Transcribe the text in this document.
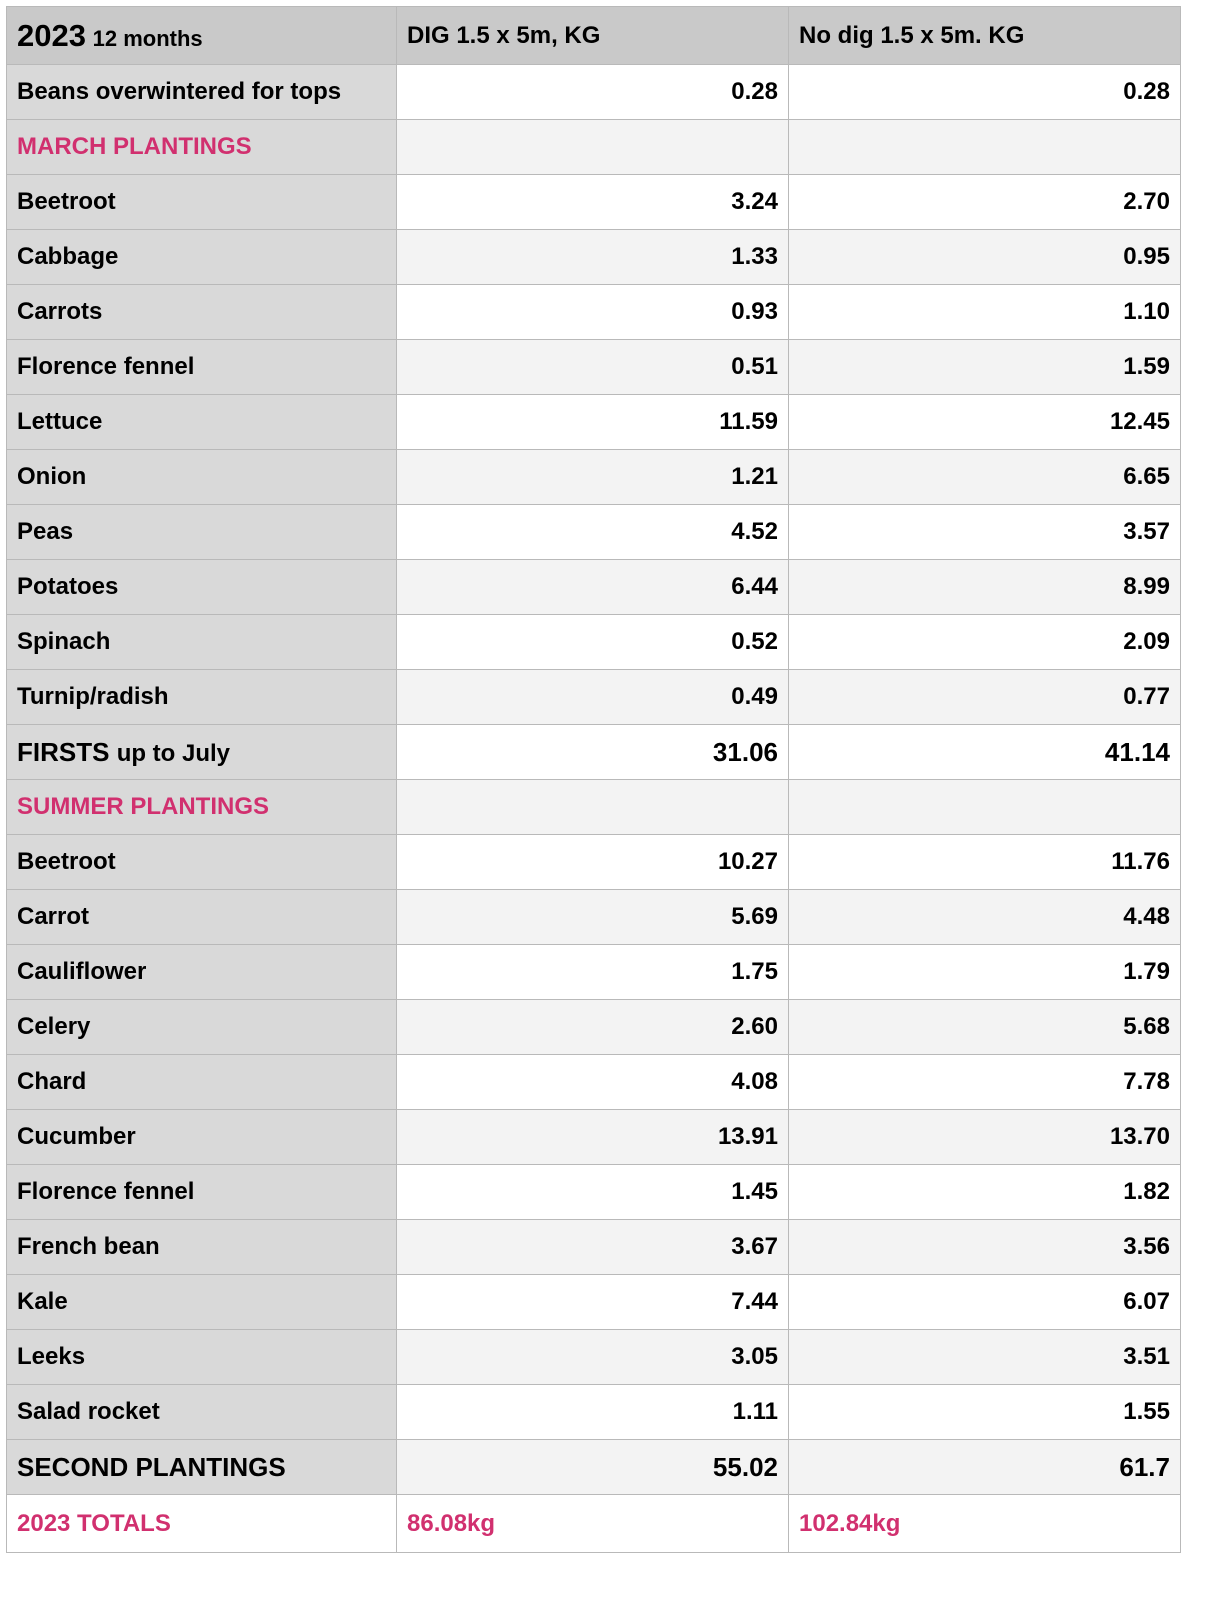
2023 12 months	DIG 1.5 x 5m, KG	No dig 1.5 x 5m. KG
Beans overwintered for tops	0.28	0.28
MARCH PLANTINGS		
Beetroot	3.24	2.70
Cabbage	1.33	0.95
Carrots	0.93	1.10
Florence fennel	0.51	1.59
Lettuce	11.59	12.45
Onion	1.21	6.65
Peas	4.52	3.57
Potatoes	6.44	8.99
Spinach	0.52	2.09
Turnip/radish	0.49	0.77
FIRSTS up to July	31.06	41.14
SUMMER PLANTINGS		
Beetroot	10.27	11.76
Carrot	5.69	4.48
Cauliflower	1.75	1.79
Celery	2.60	5.68
Chard	4.08	7.78
Cucumber	13.91	13.70
Florence fennel	1.45	1.82
French bean	3.67	3.56
Kale	7.44	6.07
Leeks	3.05	3.51
Salad rocket	1.11	1.55
SECOND PLANTINGS	55.02	61.7
2023 TOTALS	86.08kg	102.84kg
